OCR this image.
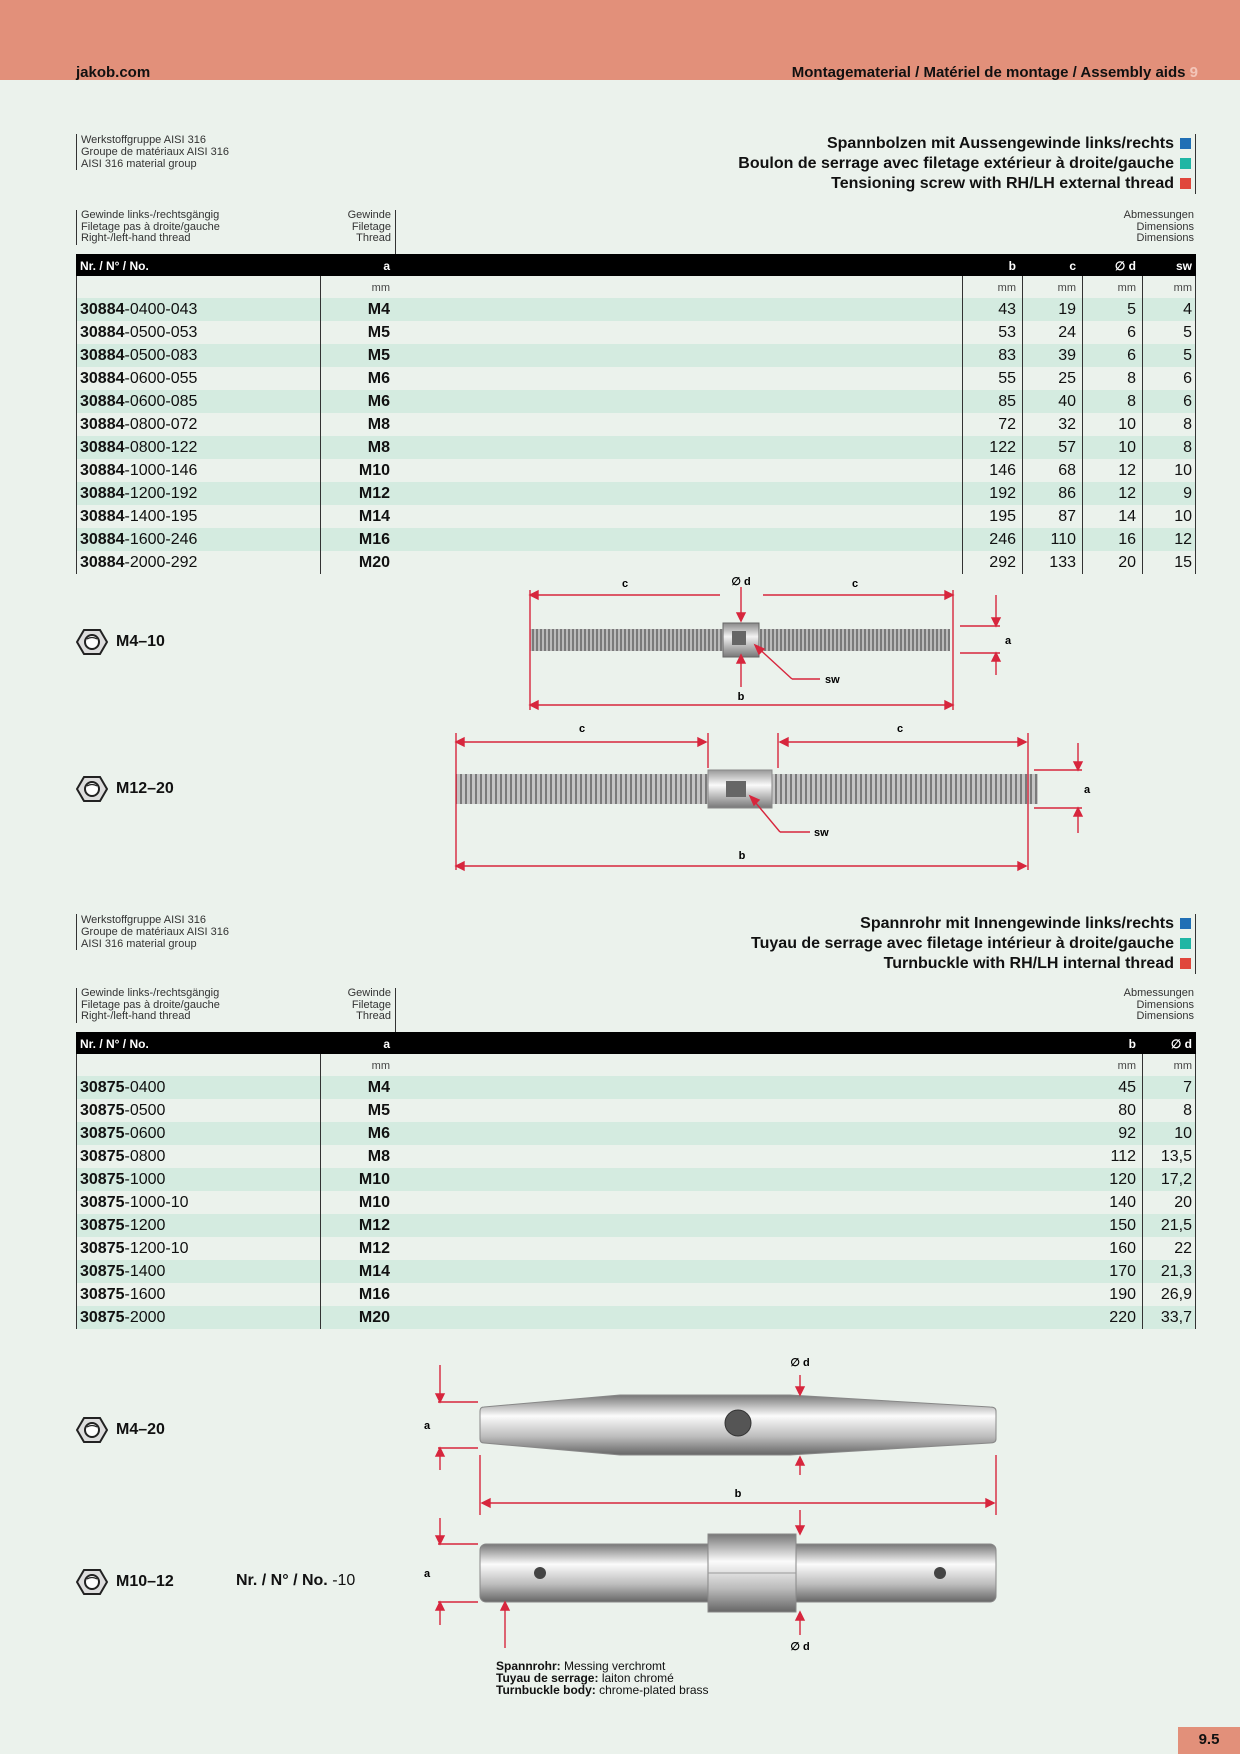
jakob.com	Montagematerial / Matériel de montage / Assembly aids 9
Werkstoffgruppe AISI 316
Groupe de matériaux AISI 316
AISI 316 material group
Spannbolzen mit Aussengewinde links/rechts
Boulon de serrage avec filetage extérieur à droite/gauche
Tensioning screw with RH/LH external thread
Gewinde links-/rechtsgängig
Filetage pas à droite/gauche
Right-/left-hand thread
Gewinde
Filetage
Thread
Abmessungen
Dimensions
Dimensions
Nr. / N° / No.	a	b	c	∅ d	sw
mm	mm	mm	mm	mm
30884-0400-043	M4	43	19	5	4
30884-0500-053	M5	53	24	6	5
30884-0500-083	M5	83	39	6	5
30884-0600-055	M6	55	25	8	6
30884-0600-085	M6	85	40	8	6
30884-0800-072	M8	72	32	10	8
30884-0800-122	M8	122	57	10	8
30884-1000-146	M10	146	68	12	10
30884-1200-192	M12	192	86	12	9
30884-1400-195	M14	195	87	14	10
30884-1600-246	M16	246	110	16	12
30884-2000-292	M20	292	133	20	15
M4–10
M12–20
c	∅ d	c
a
b
sw
c	c
a
b
sw
Werkstoffgruppe AISI 316
Groupe de matériaux AISI 316
AISI 316 material group
Spannrohr mit Innengewinde links/rechts
Tuyau de serrage avec filetage intérieur à droite/gauche
Turnbuckle with RH/LH internal thread
Gewinde links-/rechtsgängig
Filetage pas à droite/gauche
Right-/left-hand thread
Gewinde
Filetage
Thread
Abmessungen
Dimensions
Dimensions
Nr. / N° / No.	a	b	∅ d
mm	mm	mm
30875-0400	M4	45	7
30875-0500	M5	80	8
30875-0600	M6	92	10
30875-0800	M8	112	13,5
30875-1000	M10	120	17,2
30875-1000-10	M10	140	20
30875-1200	M12	150	21,5
30875-1200-10	M12	160	22
30875-1400	M14	170	21,3
30875-1600	M16	190	26,9
30875-2000	M20	220	33,7
M4–20
M10–12	Nr. / N° / No. -10
∅ d
a
b
a
∅ d
Spannrohr: Messing verchromt
Tuyau de serrage: laiton chromé
Turnbuckle body: chrome-plated brass
9.5
